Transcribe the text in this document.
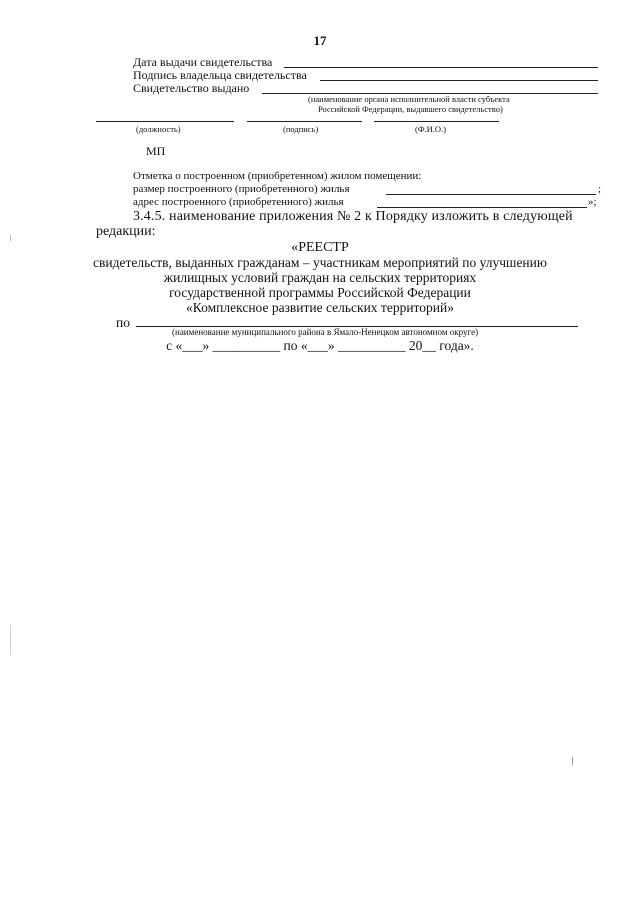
17
Дата выдачи свидетельства
Подпись владельца свидетельства
Свидетельство выдано
(наименование органа исполнительной власти субъекта
Российской Федерации, выдавшего свидетельство)
(должность)	(подпись)	(Ф.И.О.)
МП
Отметка о построенном (приобретенном) жилом помещении:
размер построенного (приобретенного) жилья	;
адрес построенного (приобретенного) жилья	»;
3.4.5. наименование приложения № 2 к Порядку изложить в следующей
редакции:
«РЕЕСТР
свидетельств, выданных гражданам – участникам мероприятий по улучшению
жилищных условий граждан на сельских территориях
государственной программы Российской Федерации
«Комплексное развитие сельских территорий»
по
(наименование муниципального района в Ямало-Ненецком автономном округе)
с «___» __________ по «___» __________ 20__ года».
